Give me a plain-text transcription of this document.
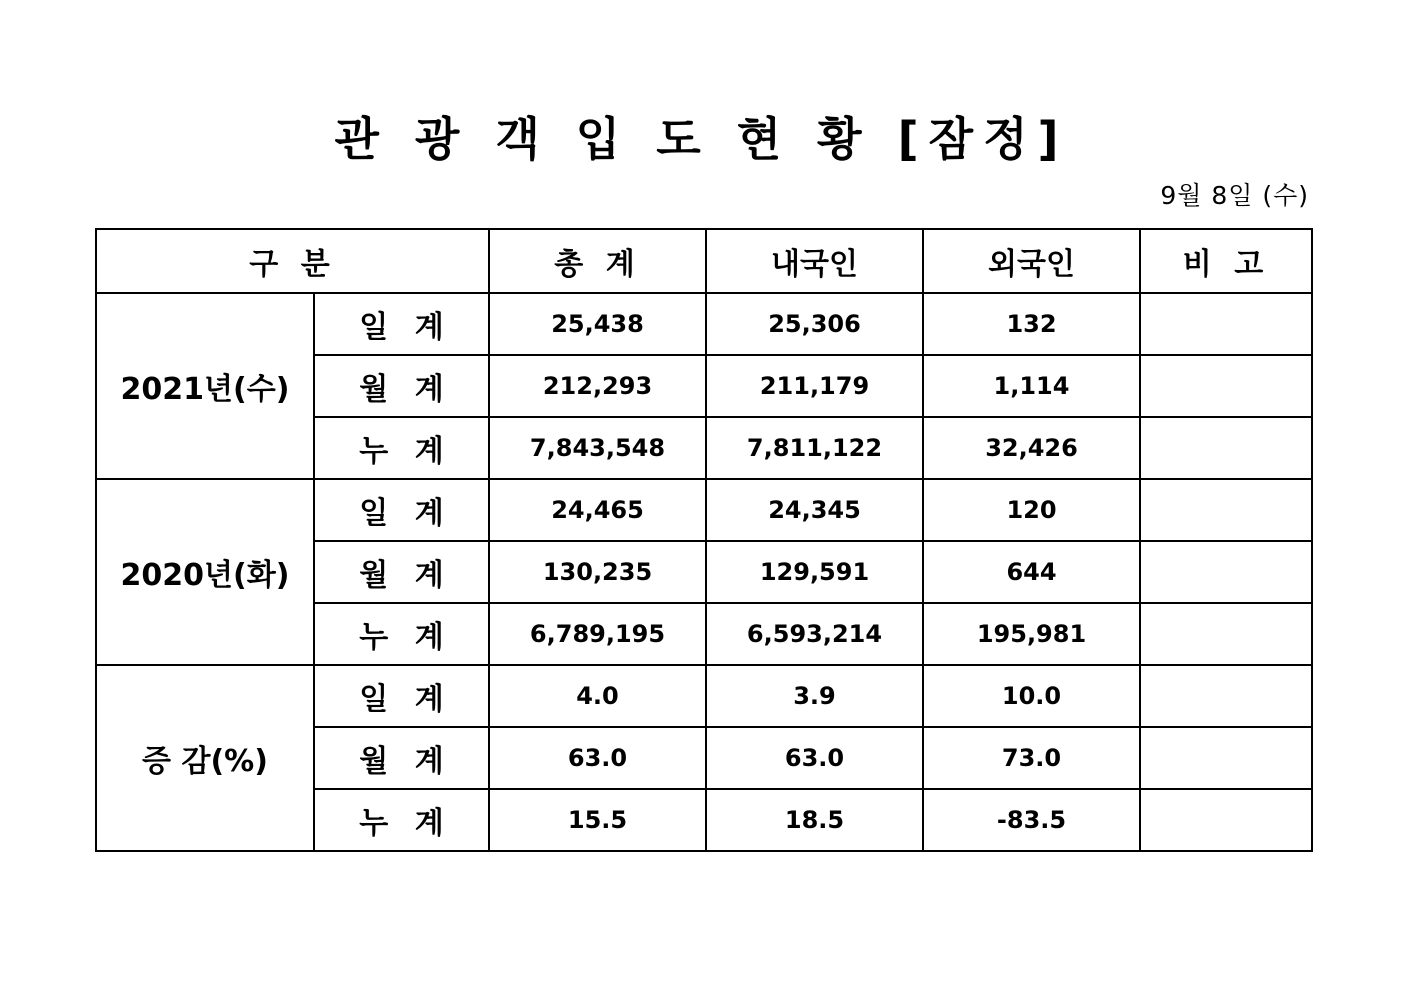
관 광 객 입 도 현 황 [잠정]
9월 8일 (수)
구 분		총 계	내국인	외국인	비 고
2021년(수)	일 계	25,438	25,306	132	
	월 계	212,293	211,179	1,114	
	누 계	7,843,548	7,811,122	32,426	
2020년(화)	일 계	24,465	24,345	120	
	월 계	130,235	129,591	644	
	누 계	6,789,195	6,593,214	195,981	
증 감(%)	일 계	4.0	3.9	10.0	
	월 계	63.0	63.0	73.0	
	누 계	15.5	18.5	-83.5	
